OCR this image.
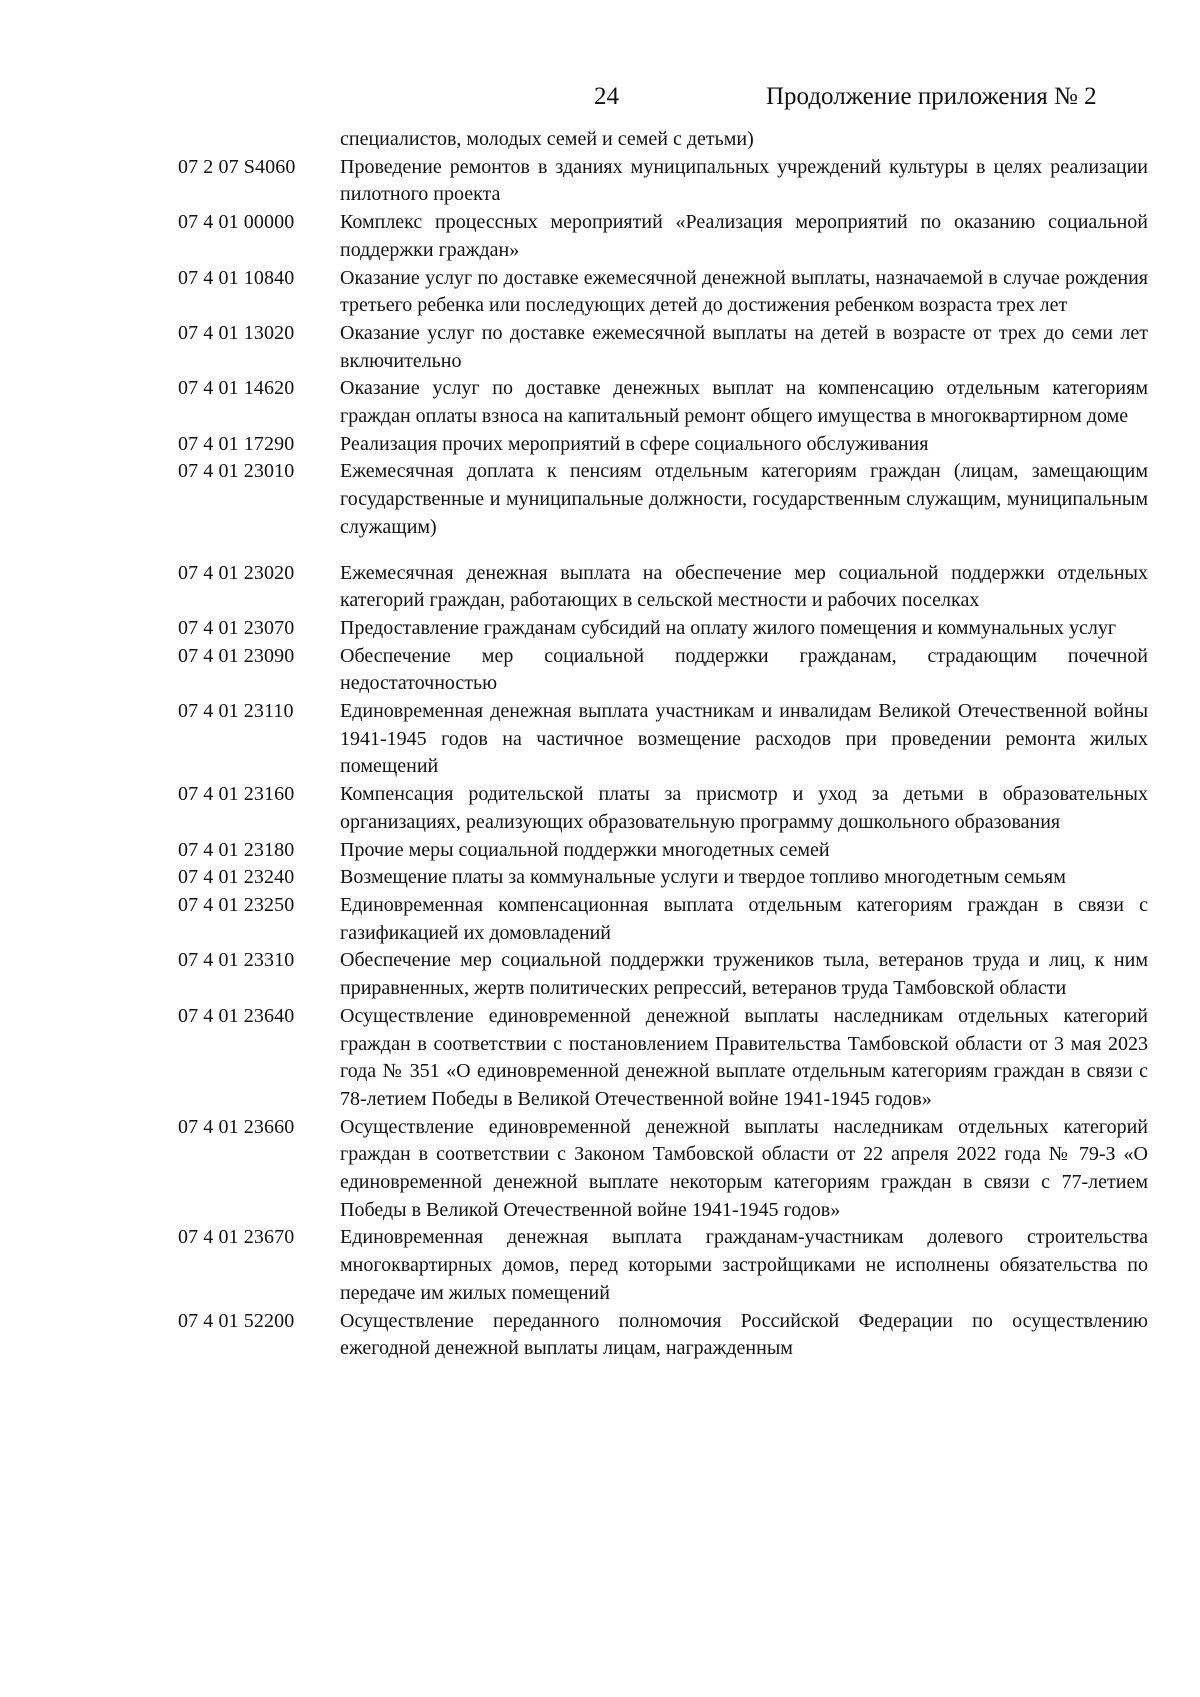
24	Продолжение приложения № 2
специалистов, молодых семей и семей с детьми)
07 2 07 S4060	Проведение ремонтов в зданиях муниципальных учреждений культуры в целях реализации пилотного проекта
07 4 01 00000	Комплекс процессных мероприятий «Реализация мероприятий по оказанию социальной поддержки граждан»
07 4 01 10840	Оказание услуг по доставке ежемесячной денежной выплаты, назначаемой в случае рождения третьего ребенка или последующих детей до достижения ребенком возраста трех лет
07 4 01 13020	Оказание услуг по доставке ежемесячной выплаты на детей в возрасте от трех до семи лет включительно
07 4 01 14620	Оказание услуг по доставке денежных выплат на компенсацию отдельным категориям граждан оплаты взноса на капитальный ремонт общего имущества в многоквартирном доме
07 4 01 17290	Реализация прочих мероприятий в сфере социального обслуживания
07 4 01 23010	Ежемесячная доплата к пенсиям отдельным категориям граждан (лицам, замещающим государственные и муниципальные должности, государственным служащим, муниципальным служащим)
07 4 01 23020	Ежемесячная денежная выплата на обеспечение мер социальной поддержки отдельных категорий граждан, работающих в сельской местности и рабочих поселках
07 4 01 23070	Предоставление гражданам субсидий на оплату жилого помещения и коммунальных услуг
07 4 01 23090	Обеспечение мер социальной поддержки гражданам, страдающим почечной недостаточностью
07 4 01 23110	Единовременная денежная выплата участникам и инвалидам Великой Отечественной войны 1941-1945 годов на частичное возмещение расходов при проведении ремонта жилых помещений
07 4 01 23160	Компенсация родительской платы за присмотр и уход за детьми в образовательных организациях, реализующих образовательную программу дошкольного образования
07 4 01 23180	Прочие меры социальной поддержки многодетных семей
07 4 01 23240	Возмещение платы за коммунальные услуги и твердое топливо многодетным семьям
07 4 01 23250	Единовременная компенсационная выплата отдельным категориям граждан в связи с газификацией их домовладений
07 4 01 23310	Обеспечение мер социальной поддержки тружеников тыла, ветеранов труда и лиц, к ним приравненных, жертв политических репрессий, ветеранов труда Тамбовской области
07 4 01 23640	Осуществление единовременной денежной выплаты наследникам отдельных категорий граждан в соответствии с постановлением Правительства Тамбовской области от 3 мая 2023 года № 351 «О единовременной денежной выплате отдельным категориям граждан в связи с 78-летием Победы в Великой Отечественной войне 1941-1945 годов»
07 4 01 23660	Осуществление единовременной денежной выплаты наследникам отдельных категорий граждан в соответствии с Законом Тамбовской области от 22 апреля 2022 года № 79-З «О единовременной денежной выплате некоторым категориям граждан в связи с 77-летием Победы в Великой Отечественной войне 1941-1945 годов»
07 4 01 23670	Единовременная денежная выплата гражданам-участникам долевого строительства многоквартирных домов, перед которыми застройщиками не исполнены обязательства по передаче им жилых помещений
07 4 01 52200	Осуществление переданного полномочия Российской Федерации по осуществлению ежегодной денежной выплаты лицам, награжденным
